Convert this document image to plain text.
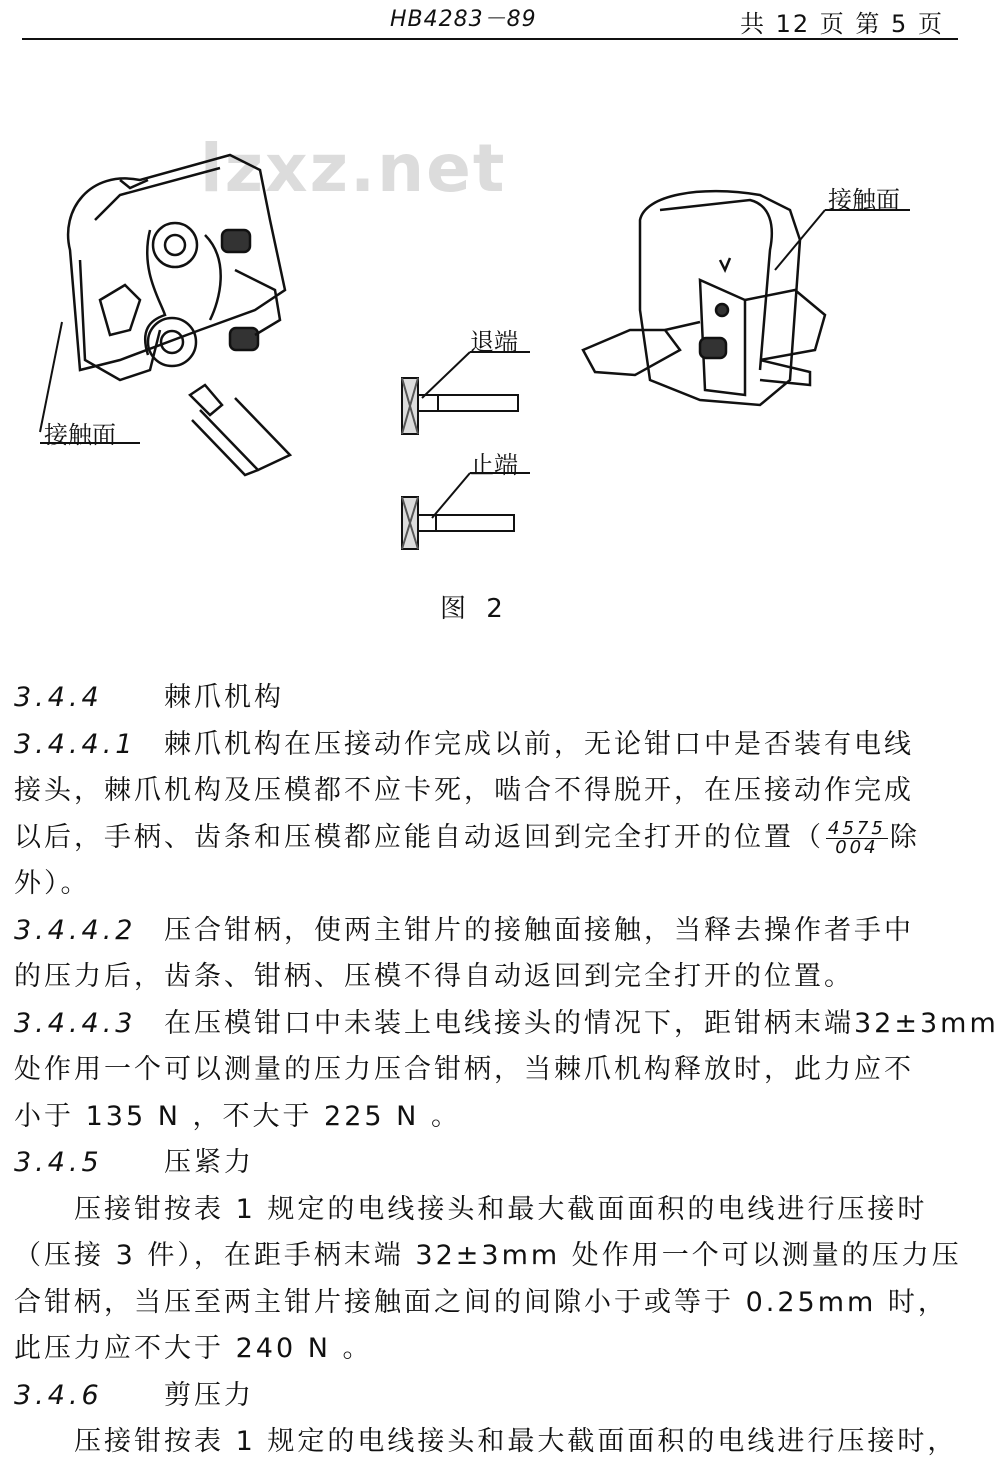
HB4283－89	共 12 页 第 5 页
lzxz.net
接触面
接触面
退端
止端
图 2
3.4.4 棘爪机构
3.4.4.1 棘爪机构在压接动作完成以前，无论钳口中是否装有电线
接头，棘爪机构及压模都不应卡死，啮合不得脱开，在压接动作完成
以后，手柄、齿条和压模都应能自动返回到完全打开的位置（ $\frac{4575}{004}$ 除
外）。
3.4.4.2 压合钳柄，使两主钳片的接触面接触，当释去操作者手中
的压力后，齿条、钳柄、压模不得自动返回到完全打开的位置。
3.4.4.3 在压模钳口中未装上电线接头的情况下，距钳柄末端32±3mm
处作用一个可以测量的压力压合钳柄，当棘爪机构释放时，此力应不
小于 135 N ，不大于 225 N 。
3.4.5 压紧力
压接钳按表 1 规定的电线接头和最大截面面积的电线进行压接时
（压接 3 件），在距手柄末端 32±3mm 处作用一个可以测量的压力压
合钳柄，当压至两主钳片接触面之间的间隙小于或等于 0.25mm 时，
此压力应不大于 240 N 。
3.4.6 剪压力
压接钳按表 1 规定的电线接头和最大截面面积的电线进行压接时，
